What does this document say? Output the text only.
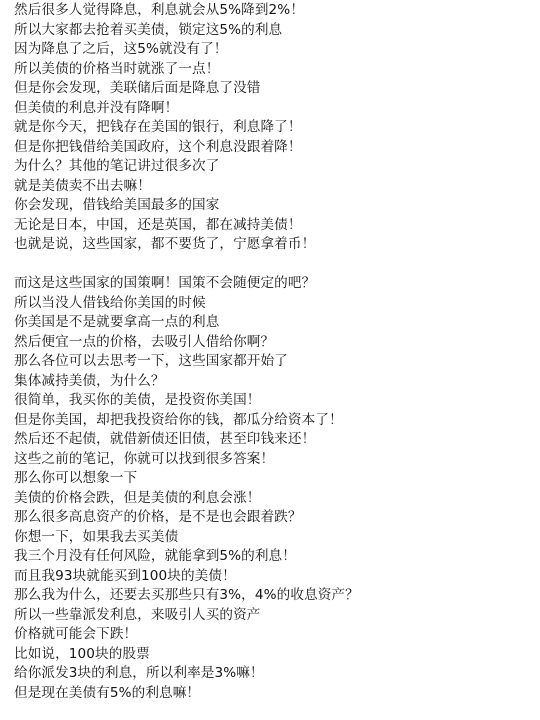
然后很多人觉得降息，利息就会从5%降到2%！
所以大家都去抢着买美债，锁定这5%的利息
因为降息了之后，这5%就没有了！
所以美债的价格当时就涨了一点！
但是你会发现，美联储后面是降息了没错
但美债的利息并没有降啊！
就是你今天，把钱存在美国的银行，利息降了！
但是你把钱借给美国政府，这个利息没跟着降！
为什么？其他的笔记讲过很多次了
就是美债卖不出去嘛！
你会发现，借钱给美国最多的国家
无论是日本，中国，还是英国，都在减持美债！
也就是说，这些国家，都不要货了，宁愿拿着币！
而这是这些国家的国策啊！国策不会随便定的吧？
所以当没人借钱给你美国的时候
你美国是不是就要拿高一点的利息
然后便宜一点的价格，去吸引人借给你啊？
那么各位可以去思考一下，这些国家都开始了
集体减持美债，为什么？
很简单，我买你的美债，是投资你美国！
但是你美国，却把我投资给你的钱，都瓜分给资本了！
然后还不起债，就借新债还旧债，甚至印钱来还！
这些之前的笔记，你就可以找到很多答案！
那么你可以想象一下
美债的价格会跌，但是美债的利息会涨！
那么很多高息资产的价格，是不是也会跟着跌？
你想一下，如果我去买美债
我三个月没有任何风险，就能拿到5%的利息！
而且我93块就能买到100块的美债！
那么我为什么，还要去买那些只有3%，4%的收息资产？
所以一些靠派发利息，来吸引人买的资产
价格就可能会下跌！
比如说，100块的股票
给你派发3块的利息，所以利率是3%嘛！
但是现在美债有5%的利息嘛！
